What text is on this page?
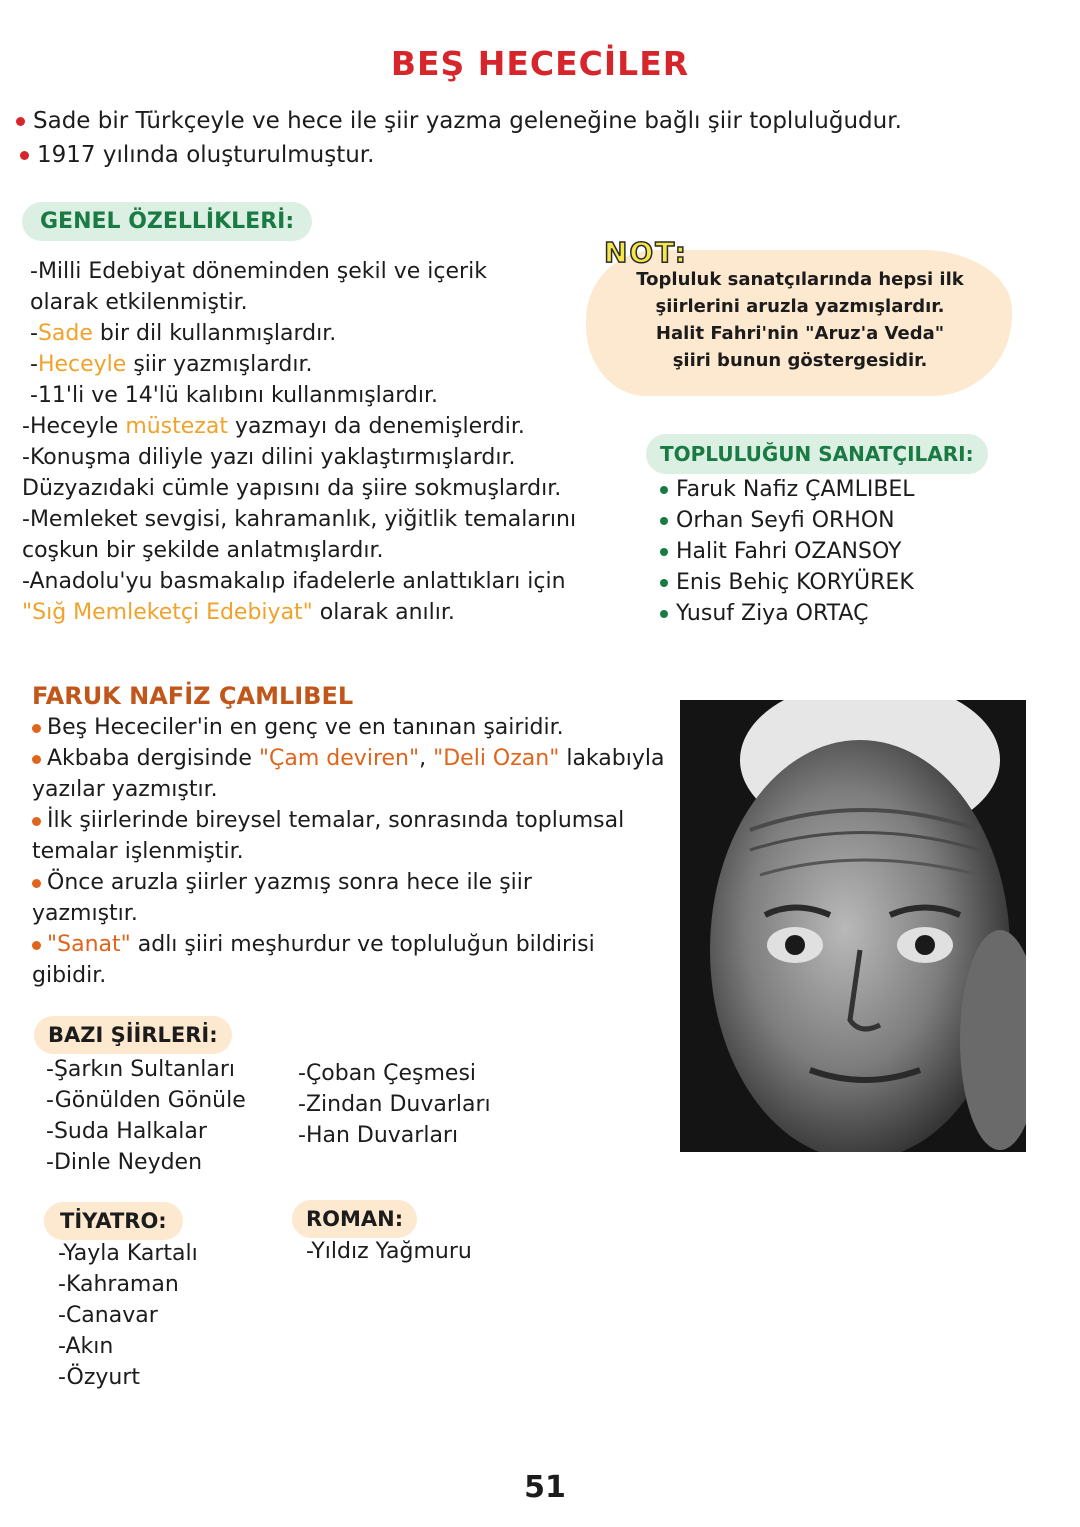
BEŞ HECECİLER
Sade bir Türkçeyle ve hece ile şiir yazma geleneğine bağlı şiir topluluğudur.
1917 yılında oluşturulmuştur.
GENEL ÖZELLİKLERİ:
-Milli Edebiyat döneminden şekil ve içerik
olarak etkilenmiştir.
-Sade bir dil kullanmışlardır.
-Heceyle şiir yazmışlardır.
-11'li ve 14'lü kalıbını kullanmışlardır.
-Heceyle müstezat yazmayı da denemişlerdir.
-Konuşma diliyle yazı dilini yaklaştırmışlardır.
Düzyazıdaki cümle yapısını da şiire sokmuşlardır.
-Memleket sevgisi, kahramanlık, yiğitlik temalarını
coşkun bir şekilde anlatmışlardır.
-Anadolu'yu basmakalıp ifadelerle anlattıkları için
"Sığ Memleketçi Edebiyat" olarak anılır.
NOT:
Topluluk sanatçılarında hepsi ilk
şiirlerini aruzla yazmışlardır.
Halit Fahri'nin "Aruz'a Veda"
şiiri bunun göstergesidir.
TOPLULUĞUN SANATÇILARI:
Faruk Nafiz ÇAMLIBEL
Orhan Seyfi ORHON
Halit Fahri OZANSOY
Enis Behiç KORYÜREK
Yusuf Ziya ORTAÇ
FARUK NAFİZ ÇAMLIBEL
Beş Hececiler'in en genç ve en tanınan şairidir.
Akbaba dergisinde "Çam deviren", "Deli Ozan" lakabıyla
yazılar yazmıştır.
İlk şiirlerinde bireysel temalar, sonrasında toplumsal
temalar işlenmiştir.
Önce aruzla şiirler yazmış sonra hece ile şiir
yazmıştır.
"Sanat" adlı şiiri meşhurdur ve topluluğun bildirisi
gibidir.
BAZI ŞİİRLERİ:
-Şarkın Sultanları
-Gönülden Gönüle
-Suda Halkalar
-Dinle Neyden
-Çoban Çeşmesi
-Zindan Duvarları
-Han Duvarları
TİYATRO:
-Yayla Kartalı
-Kahraman
-Canavar
-Akın
-Özyurt
ROMAN:
-Yıldız Yağmuru
51
